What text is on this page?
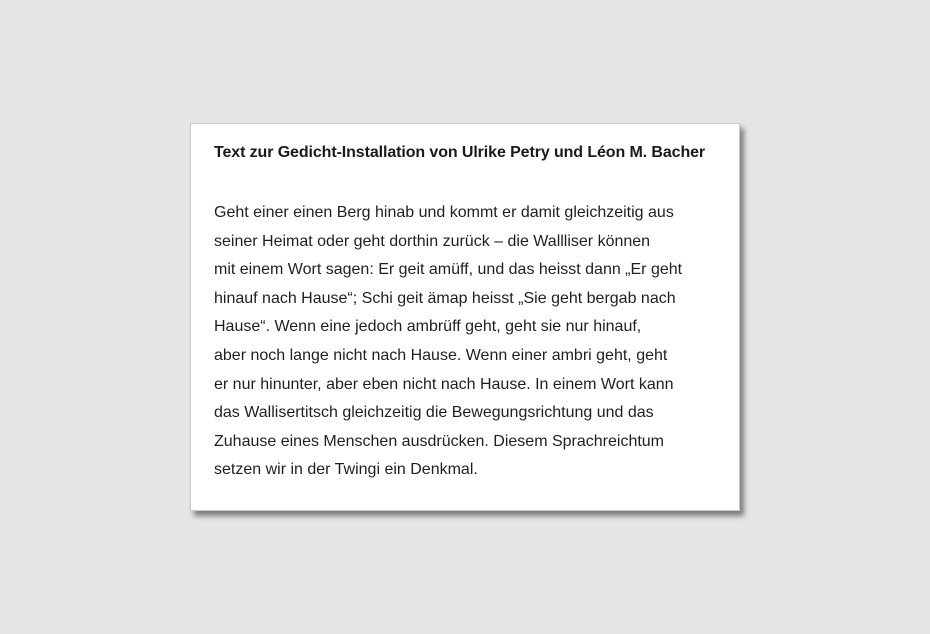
Text zur Gedicht-Installation von Ulrike Petry und Léon M. Bacher
Geht einer einen Berg hinab und kommt er damit gleichzeitig aus
seiner Heimat oder geht dorthin zurück – die Wallliser können
mit einem Wort sagen: Er geit amüff, und das heisst dann „Er geht
hinauf nach Hause“; Schi geit ämap heisst „Sie geht bergab nach
Hause“. Wenn eine jedoch ambrüff geht, geht sie nur hinauf,
aber noch lange nicht nach Hause. Wenn einer ambri geht, geht
er nur hinunter, aber eben nicht nach Hause. In einem Wort kann
das Wallisertitsch gleichzeitig die Bewegungsrichtung und das
Zuhause eines Menschen ausdrücken. Diesem Sprachreichtum
setzen wir in der Twingi ein Denkmal.
